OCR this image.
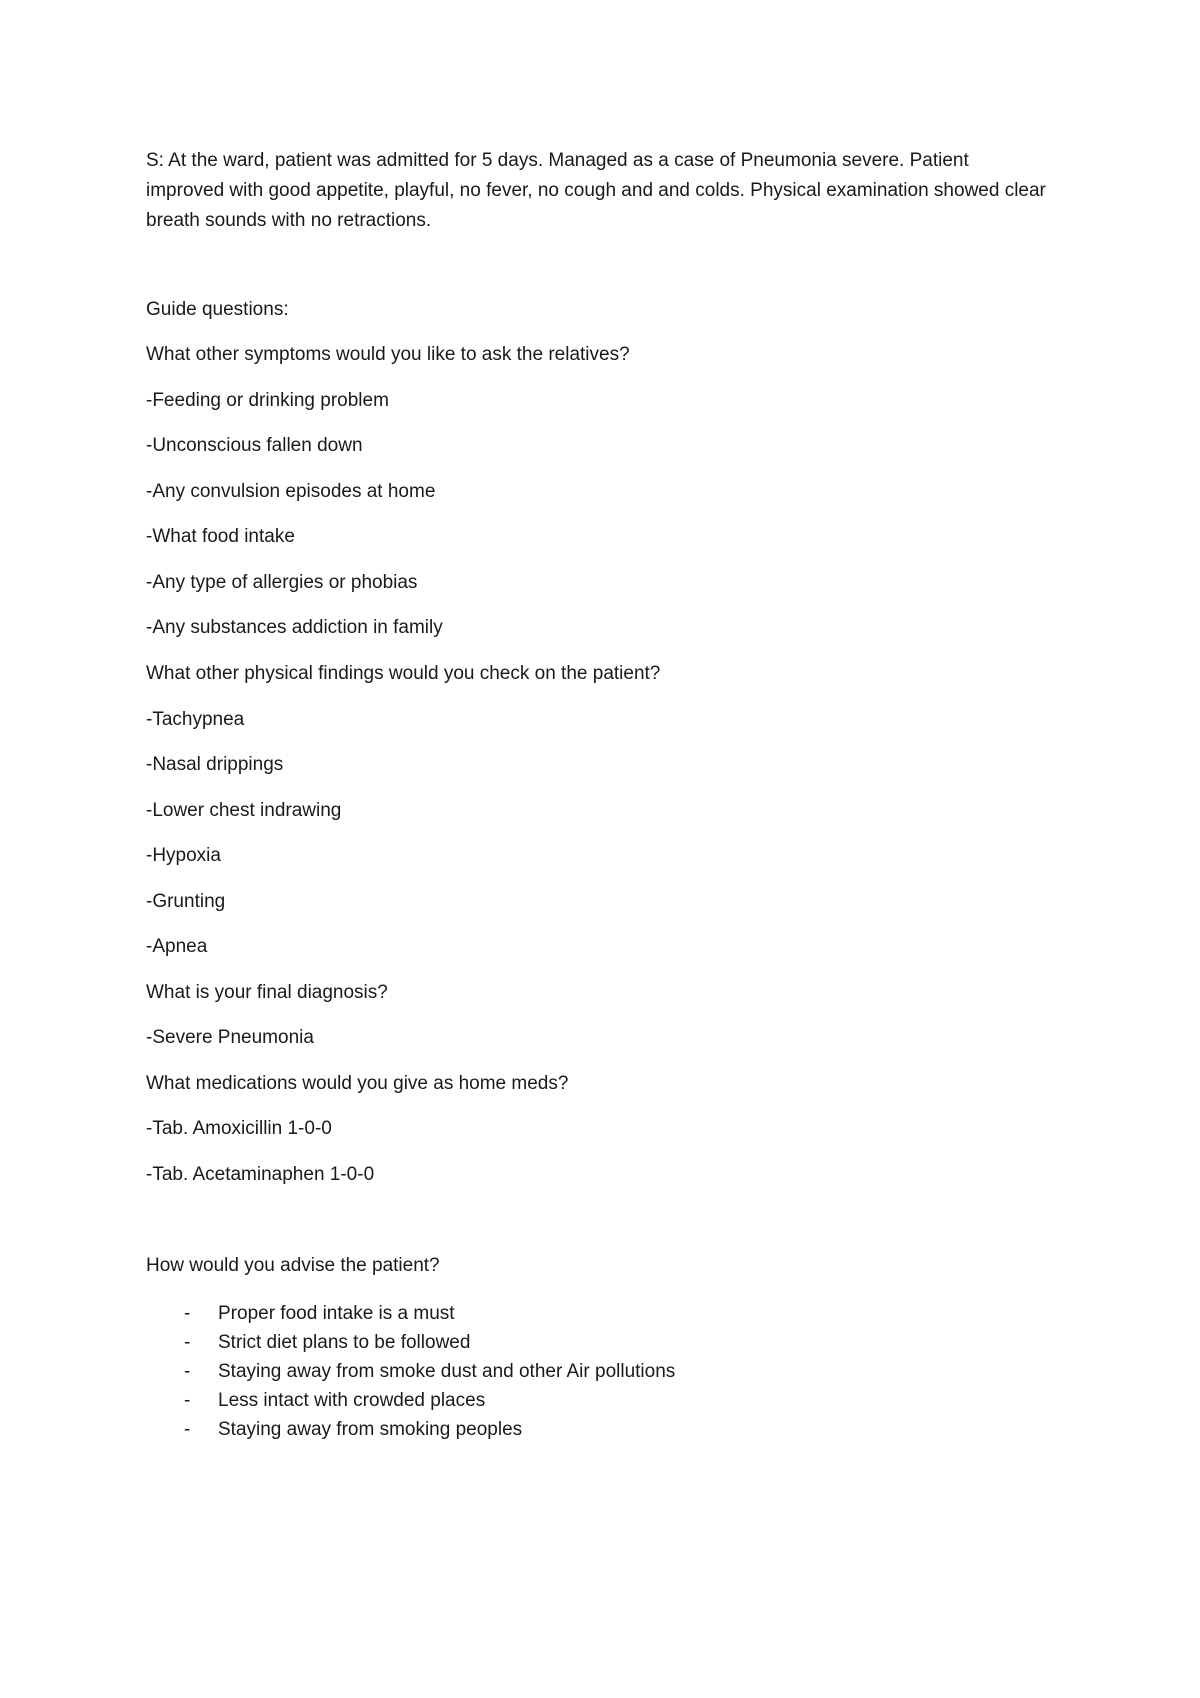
S: At the ward, patient was admitted for 5 days. Managed as a case of Pneumonia severe. Patient improved with good appetite, playful, no fever, no cough and and colds. Physical examination showed clear breath sounds with no retractions.

Guide questions:

What other symptoms would you like to ask the relatives?

-Feeding or drinking problem

-Unconscious fallen down

-Any convulsion episodes at home

-What food intake

-Any type of allergies or phobias

-Any substances addiction in family

What other physical findings would you check on the patient?

-Tachypnea

-Nasal drippings

-Lower chest indrawing

-Hypoxia

-Grunting

-Apnea

What is your final diagnosis?

-Severe Pneumonia

What medications would you give as home meds?

-Tab. Amoxicillin 1-0-0

-Tab. Acetaminaphen 1-0-0

How would you advise the patient?

-	Proper food intake is a must
-	Strict diet plans to be followed
-	Staying away from smoke dust and other Air pollutions
-	Less intact with crowded places
-	Staying away from smoking peoples
